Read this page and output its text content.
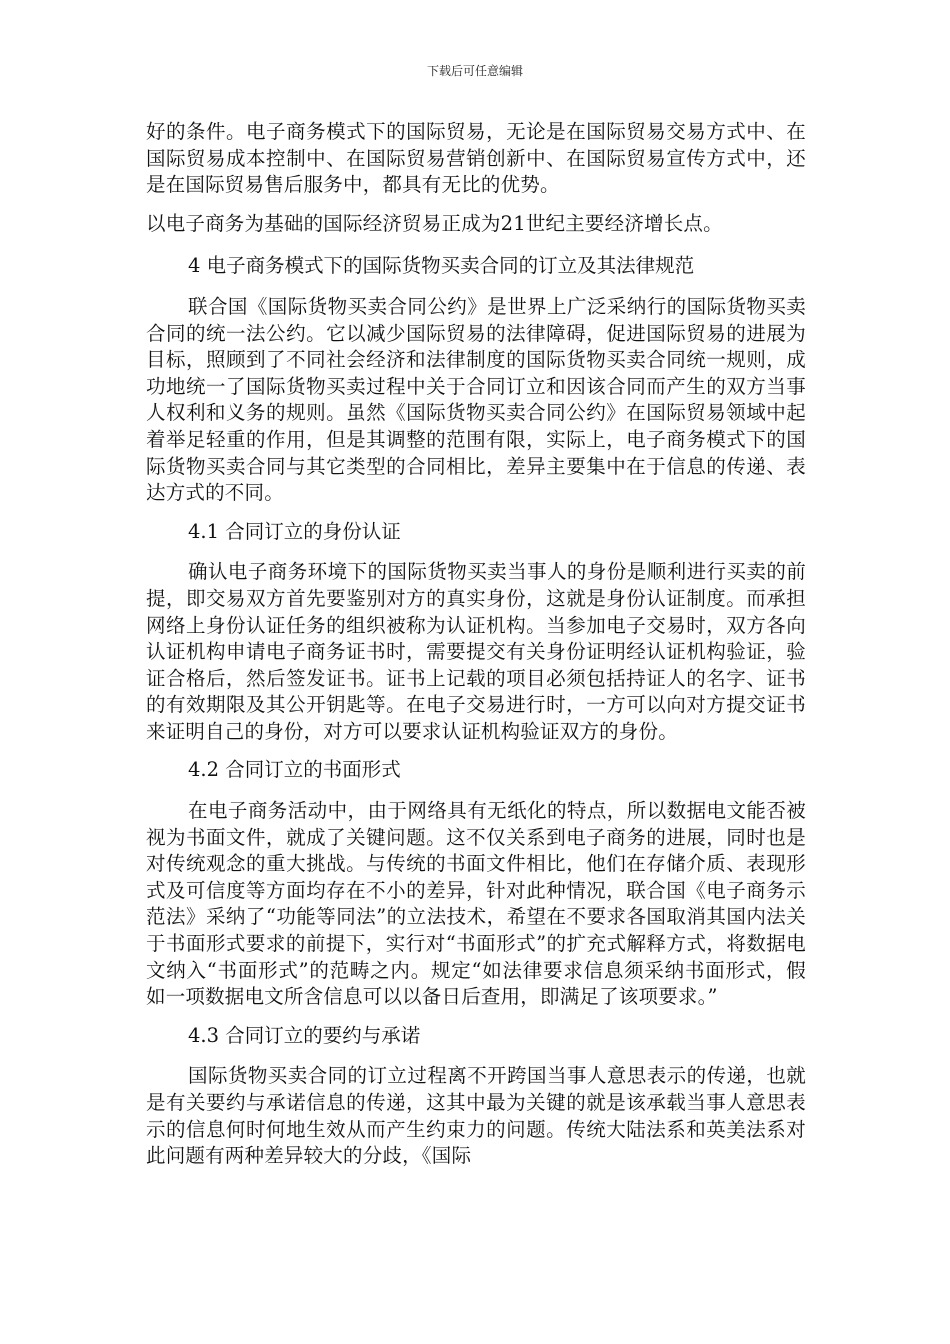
下载后可任意编辑

好的条件。电子商务模式下的国际贸易，无论是在国际贸易交易方式中、在国际贸易成本控制中、在国际贸易营销创新中、在国际贸易宣传方式中，还是在国际贸易售后服务中，都具有无比的优势。

以电子商务为基础的国际经济贸易正成为21世纪主要经济增长点。

4 电子商务模式下的国际货物买卖合同的订立及其法律规范

联合国《国际货物买卖合同公约》是世界上广泛采纳行的国际货物买卖合同的统一法公约。它以减少国际贸易的法律障碍，促进国际贸易的进展为目标，照顾到了不同社会经济和法律制度的国际货物买卖合同统一规则，成功地统一了国际货物买卖过程中关于合同订立和因该合同而产生的双方当事人权利和义务的规则。虽然《国际货物买卖合同公约》在国际贸易领域中起着举足轻重的作用，但是其调整的范围有限，实际上，电子商务模式下的国际货物买卖合同与其它类型的合同相比，差异主要集中在于信息的传递、表达方式的不同。

4.1 合同订立的身份认证

确认电子商务环境下的国际货物买卖当事人的身份是顺利进行买卖的前提，即交易双方首先要鉴别对方的真实身份，这就是身份认证制度。而承担网络上身份认证任务的组织被称为认证机构。当参加电子交易时，双方各向认证机构申请电子商务证书时，需要提交有关身份证明经认证机构验证，验证合格后，然后签发证书。证书上记载的项目必须包括持证人的名字、证书的有效期限及其公开钥匙等。在电子交易进行时，一方可以向对方提交证书来证明自己的身份，对方可以要求认证机构验证双方的身份。

4.2 合同订立的书面形式

在电子商务活动中，由于网络具有无纸化的特点，所以数据电文能否被视为书面文件，就成了关键问题。这不仅关系到电子商务的进展，同时也是对传统观念的重大挑战。与传统的书面文件相比，他们在存储介质、表现形式及可信度等方面均存在不小的差异，针对此种情况，联合国《电子商务示范法》采纳了“功能等同法”的立法技术，希望在不要求各国取消其国内法关于书面形式要求的前提下，实行对“书面形式”的扩充式解释方式，将数据电文纳入“书面形式”的范畴之内。规定“如法律要求信息须采纳书面形式，假如一项数据电文所含信息可以以备日后查用，即满足了该项要求。”

4.3 合同订立的要约与承诺

国际货物买卖合同的订立过程离不开跨国当事人意思表示的传递，也就是有关要约与承诺信息的传递，这其中最为关键的就是该承载当事人意思表示的信息何时何地生效从而产生约束力的问题。传统大陆法系和英美法系对此问题有两种差异较大的分歧，《国际
